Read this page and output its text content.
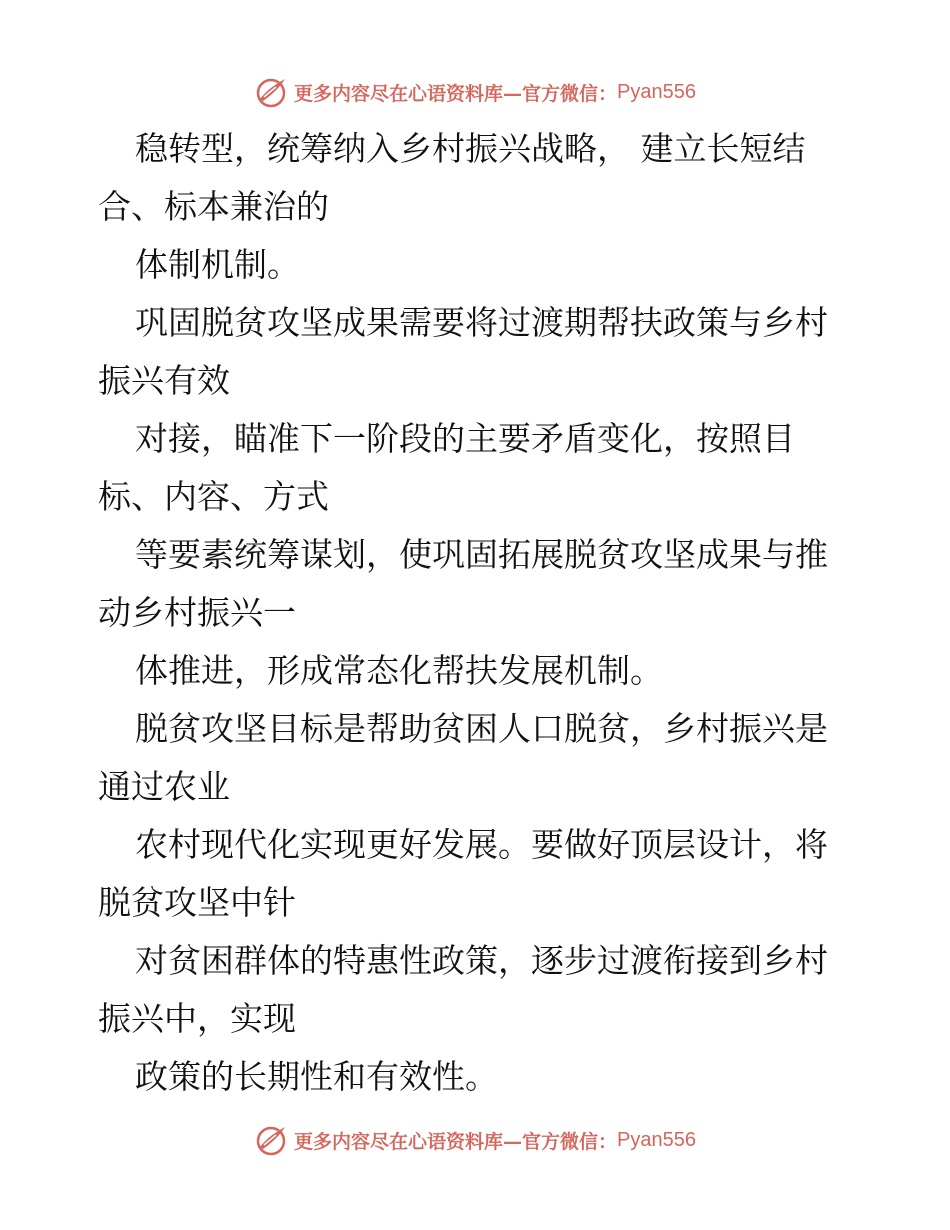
更多内容尽在心语资料库—官方微信： Pyan556
稳转型，统筹纳入乡村振兴战略， 建立长短结
合、标本兼治的
体制机制。
巩固脱贫攻坚成果需要将过渡期帮扶政策与乡村
振兴有效
对接，瞄准下一阶段的主要矛盾变化，按照目
标、内容、方式
等要素统筹谋划，使巩固拓展脱贫攻坚成果与推
动乡村振兴一
体推进，形成常态化帮扶发展机制。
脱贫攻坚目标是帮助贫困人口脱贫，乡村振兴是
通过农业
农村现代化实现更好发展。要做好顶层设计，将
脱贫攻坚中针
对贫困群体的特惠性政策，逐步过渡衔接到乡村
振兴中，实现
政策的长期性和有效性。
更多内容尽在心语资料库—官方微信： Pyan556
